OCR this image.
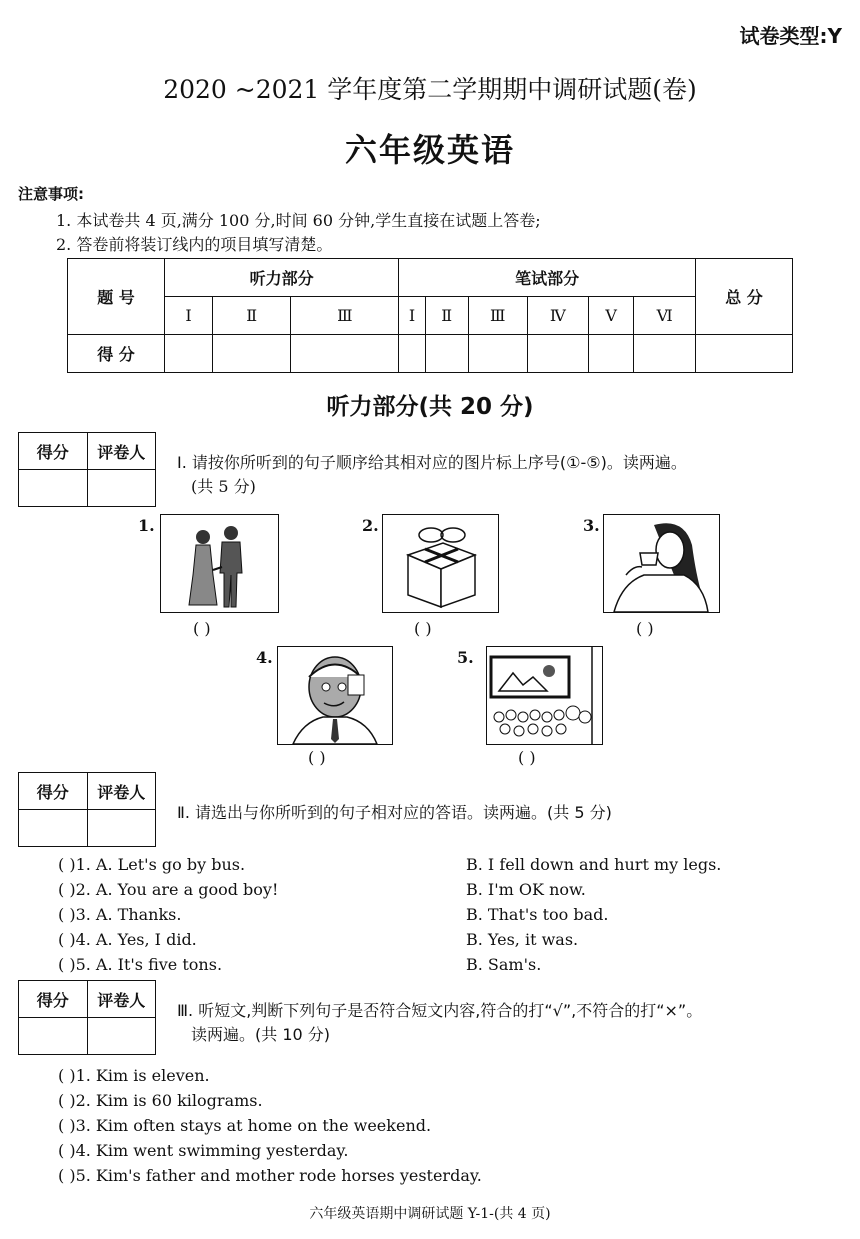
试卷类型:Y
2020 ~2021 学年度第二学期期中调研试题(卷)
六年级英语
注意事项:
1. 本试卷共 4 页,满分 100 分,时间 60 分钟,学生直接在试题上答卷;
2. 答卷前将装订线内的项目填写清楚。
题 号	听力部分			笔试部分						总 分
	Ⅰ	Ⅱ	Ⅲ	Ⅰ	Ⅱ	Ⅲ	Ⅳ	Ⅴ	Ⅵ	
得 分										
听力部分(共 20 分)
得分	评卷人

Ⅰ. 请按你所听到的句子顺序给其相对应的图片标上序号(①-⑤)。读两遍。
(共 5 分)
1.
( )
2.
( )
3.
( )
4.
( )
5.
( )
得分	评卷人

Ⅱ. 请选出与你所听到的句子相对应的答语。读两遍。(共 5 分)
( )1. A. Let's go by bus.	B. I fell down and hurt my legs.
( )2. A. You are a good boy!	B. I'm OK now.
( )3. A. Thanks.	B. That's too bad.
( )4. A. Yes, I did.	B. Yes, it was.
( )5. A. It's five tons.	B. Sam's.
得分	评卷人

Ⅲ. 听短文,判断下列句子是否符合短文内容,符合的打“√”,不符合的打“×”。
读两遍。(共 10 分)
( )1. Kim is eleven.
( )2. Kim is 60 kilograms.
( )3. Kim often stays at home on the weekend.
( )4. Kim went swimming yesterday.
( )5. Kim's father and mother rode horses yesterday.
六年级英语期中调研试题 Y-1-(共 4 页)
